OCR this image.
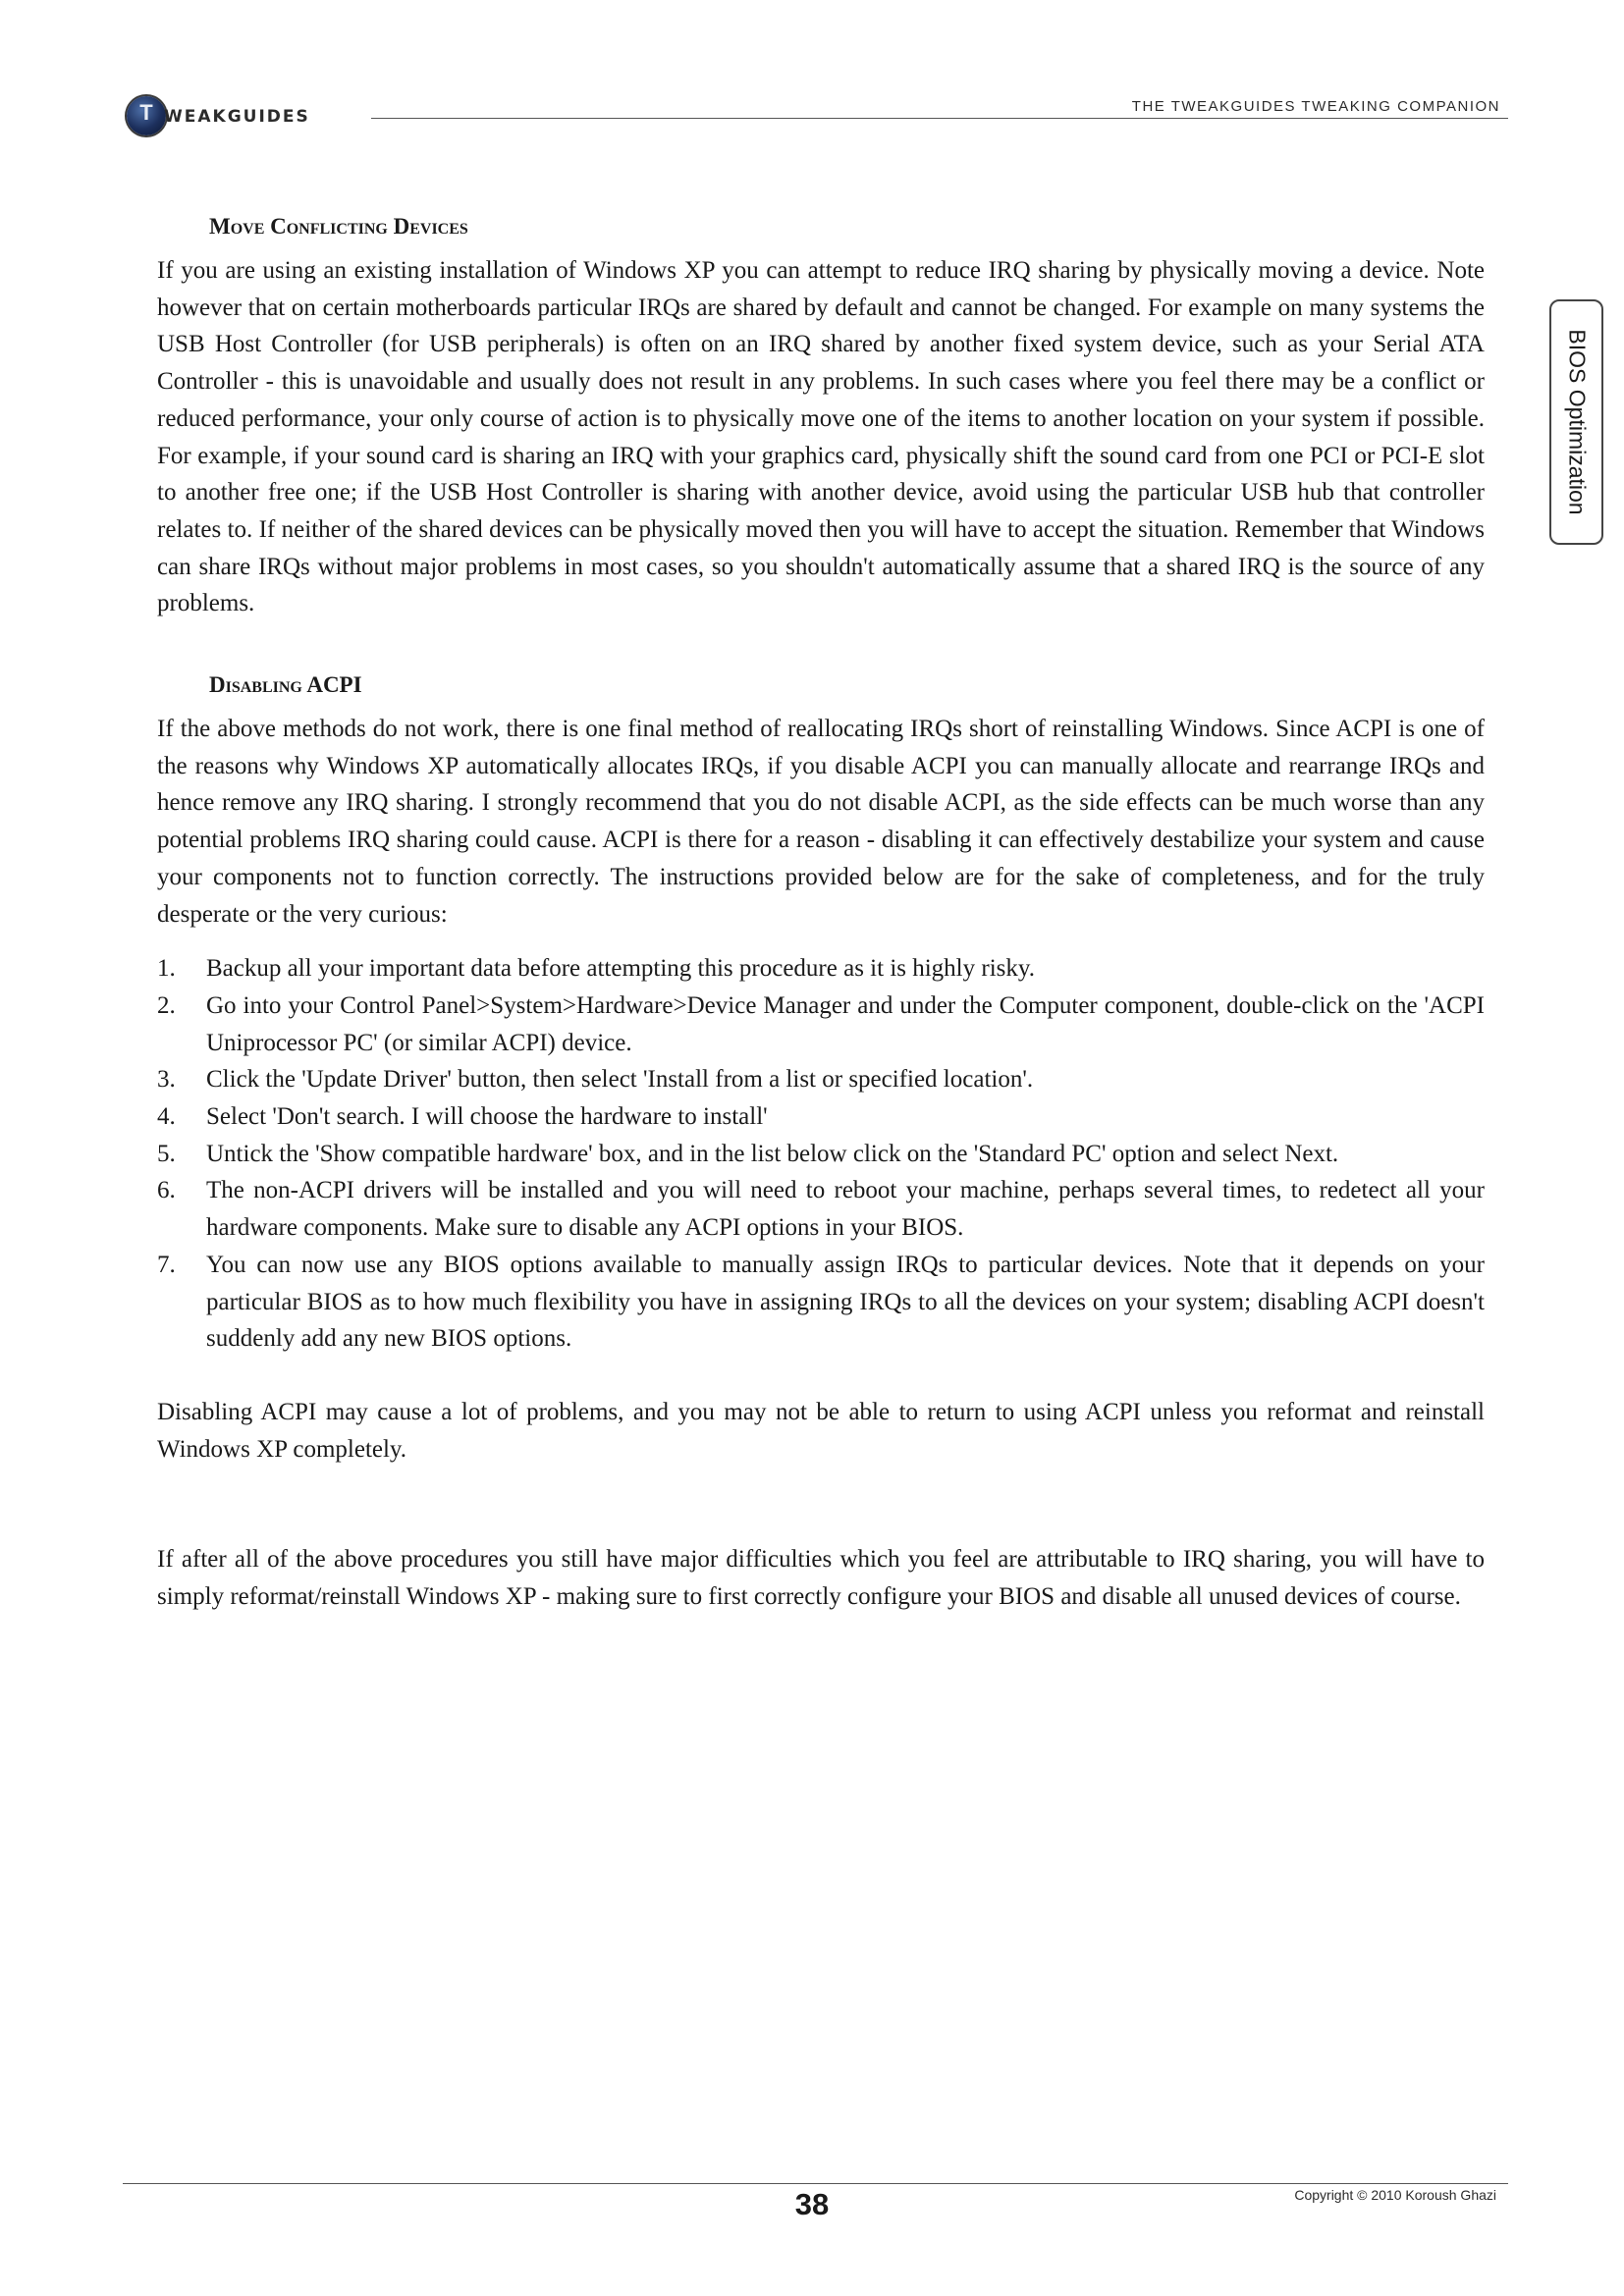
T WEAKGUIDES
THE TWEAKGUIDES TWEAKING COMPANION
BIOS Optimization
Move Conflicting Devices

If you are using an existing installation of Windows XP you can attempt to reduce IRQ sharing by physically moving a device. Note however that on certain motherboards particular IRQs are shared by default and cannot be changed. For example on many systems the USB Host Controller (for USB peripherals) is often on an IRQ shared by another fixed system device, such as your Serial ATA Controller - this is unavoidable and usually does not result in any problems. In such cases where you feel there may be a conflict or reduced performance, your only course of action is to physically move one of the items to another location on your system if possible. For example, if your sound card is sharing an IRQ with your graphics card, physically shift the sound card from one PCI or PCI-E slot to another free one; if the USB Host Controller is sharing with another device, avoid using the particular USB hub that controller relates to. If neither of the shared devices can be physically moved then you will have to accept the situation. Remember that Windows can share IRQs without major problems in most cases, so you shouldn't automatically assume that a shared IRQ is the source of any problems.

Disabling ACPI

If the above methods do not work, there is one final method of reallocating IRQs short of reinstalling Windows. Since ACPI is one of the reasons why Windows XP automatically allocates IRQs, if you disable ACPI you can manually allocate and rearrange IRQs and hence remove any IRQ sharing. I strongly recommend that you do not disable ACPI, as the side effects can be much worse than any potential problems IRQ sharing could cause. ACPI is there for a reason - disabling it can effectively destabilize your system and cause your components not to function correctly. The instructions provided below are for the sake of completeness, and for the truly desperate or the very curious:

1. Backup all your important data before attempting this procedure as it is highly risky.
2. Go into your Control Panel>System>Hardware>Device Manager and under the Computer component, double-click on the 'ACPI Uniprocessor PC' (or similar ACPI) device.
3. Click the 'Update Driver' button, then select 'Install from a list or specified location'.
4. Select 'Don't search. I will choose the hardware to install'
5. Untick the 'Show compatible hardware' box, and in the list below click on the 'Standard PC' option and select Next.
6. The non-ACPI drivers will be installed and you will need to reboot your machine, perhaps several times, to redetect all your hardware components. Make sure to disable any ACPI options in your BIOS.
7. You can now use any BIOS options available to manually assign IRQs to particular devices. Note that it depends on your particular BIOS as to how much flexibility you have in assigning IRQs to all the devices on your system; disabling ACPI doesn't suddenly add any new BIOS options.

Disabling ACPI may cause a lot of problems, and you may not be able to return to using ACPI unless you reformat and reinstall Windows XP completely.

If after all of the above procedures you still have major difficulties which you feel are attributable to IRQ sharing, you will have to simply reformat/reinstall Windows XP - making sure to first correctly configure your BIOS and disable all unused devices of course.

38	Copyright © 2010 Koroush Ghazi
